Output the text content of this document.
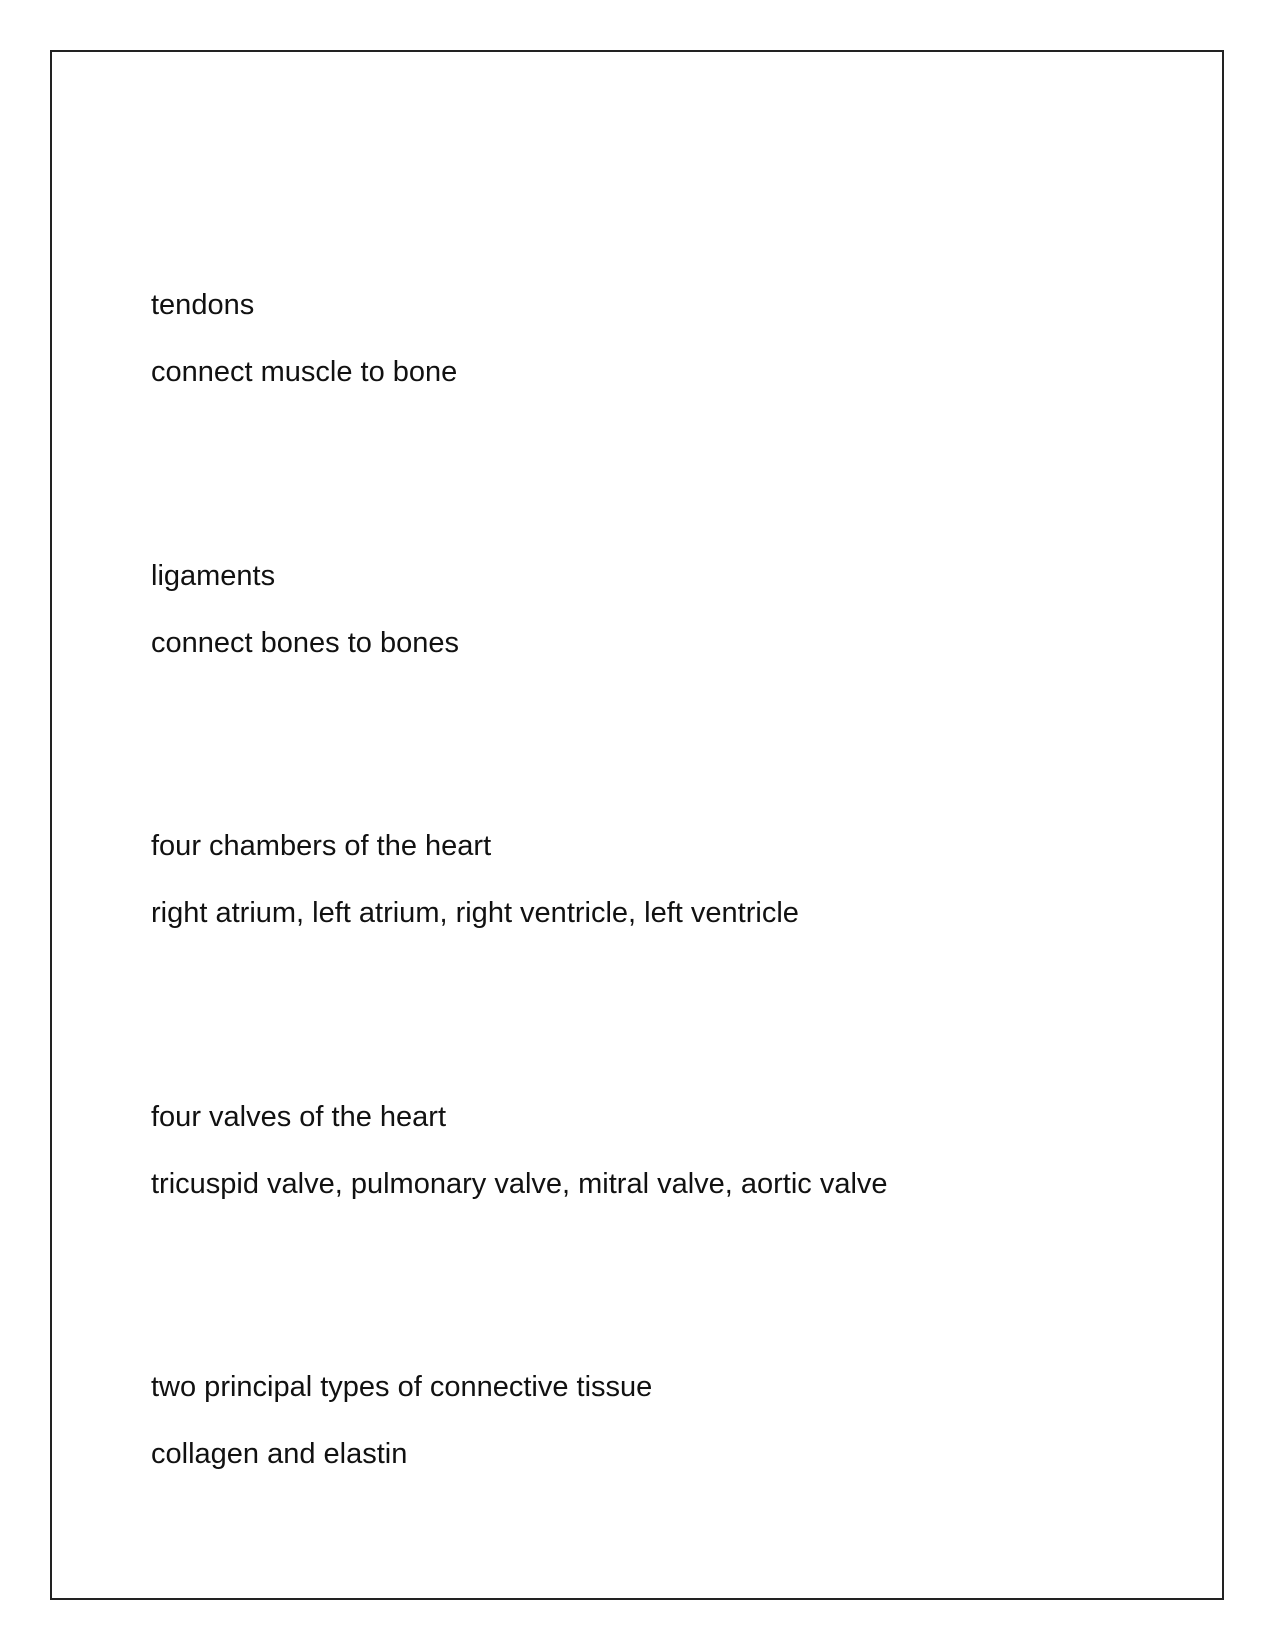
tendons
connect muscle to bone
ligaments
connect bones to bones
four chambers of the heart
right atrium, left atrium, right ventricle, left ventricle
four valves of the heart
tricuspid valve, pulmonary valve, mitral valve, aortic valve
two principal types of connective tissue
collagen and elastin
